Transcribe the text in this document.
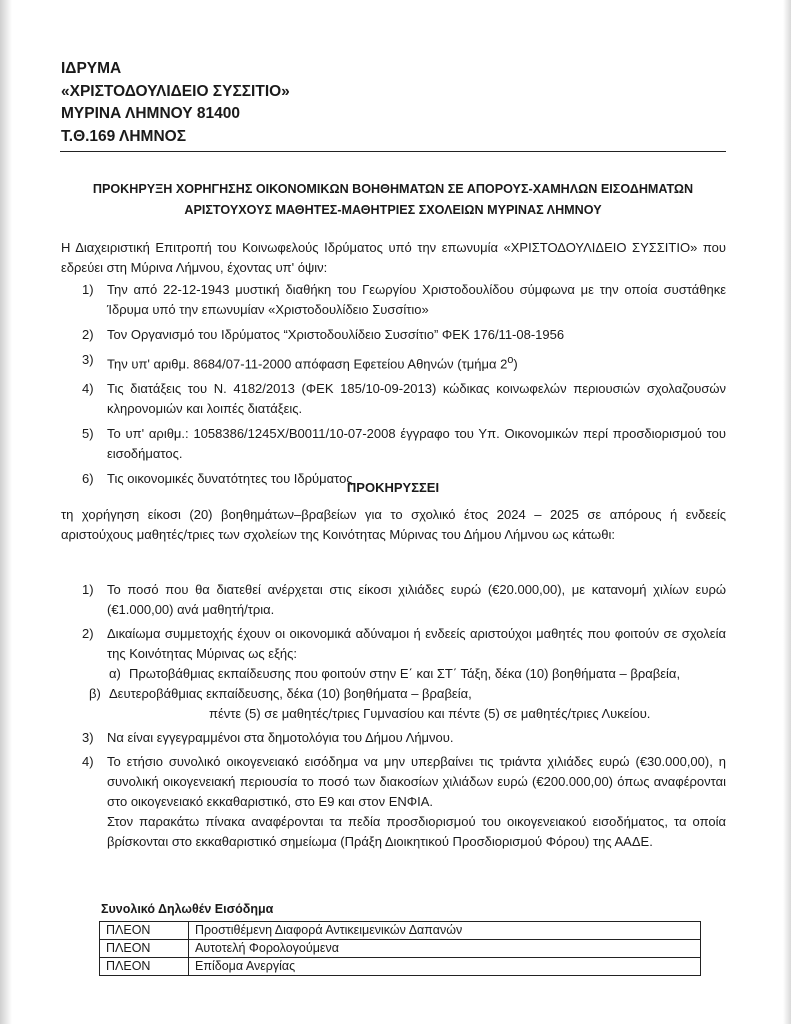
ΙΔΡΥΜΑ
«ΧΡΙΣΤΟΔΟΥΛΙΔΕΙΟ ΣΥΣΣΙΤΙΟ»
ΜΥΡΙΝΑ ΛΗΜΝΟΥ 81400
Τ.Θ.169 ΛΗΜΝΟΣ
ΠΡΟΚΗΡΥΞΗ ΧΟΡΗΓΗΣΗΣ ΟΙΚΟΝΟΜΙΚΩΝ ΒΟΗΘΗΜΑΤΩΝ ΣΕ ΑΠΟΡΟΥΣ-ΧΑΜΗΛΩΝ ΕΙΣΟΔΗΜΑΤΩΝ
ΑΡΙΣΤΟΥΧΟΥΣ ΜΑΘΗΤΕΣ-ΜΑΘΗΤΡΙΕΣ ΣΧΟΛΕΙΩΝ ΜΥΡΙΝΑΣ ΛΗΜΝΟΥ
Η Διαχειριστική Επιτροπή του Κοινωφελούς Ιδρύματος υπό την επωνυμία «ΧΡΙΣΤΟΔΟΥΛΙΔΕΙΟ ΣΥΣΣΙΤΙΟ» που εδρεύει στη Μύρινα Λήμνου, έχοντας υπ' όψιν:
1) Την από 22-12-1943 μυστική διαθήκη του Γεωργίου Χριστοδουλίδου σύμφωνα με την οποία συστάθηκε Ίδρυμα υπό την επωνυμίαν «Χριστοδουλίδειο Συσσίτιο»
2) Τον Οργανισμό του Ιδρύματος “Χριστοδουλίδειο Συσσίτιο” ΦΕΚ 176/11-08-1956
3) Την υπ' αριθμ. 8684/07-11-2000 απόφαση Εφετείου Αθηνών (τμήμα $2^o$)
4) Τις διατάξεις του Ν. 4182/2013 (ΦΕΚ 185/10-09-2013) κώδικας κοινωφελών περιουσιών σχολαζουσών κληρονομιών και λοιπές διατάξεις.
5) Το υπ' αριθμ.: 1058386/1245Χ/Β0011/10-07-2008 έγγραφο του Υπ. Οικονομικών περί προσδιορισμού του εισοδήματος.
6) Τις οικονομικές δυνατότητες του Ιδρύματος
ΠΡΟΚΗΡΥΣΣΕΙ
τη χορήγηση είκοσι (20) βοηθημάτων–βραβείων για το σχολικό έτος 2024 – 2025 σε απόρους ή ενδεείς αριστούχους μαθητές/τριες των σχολείων της Κοινότητας Μύρινας του Δήμου Λήμνου ως κάτωθι:
1) Το ποσό που θα διατεθεί ανέρχεται στις είκοσι χιλιάδες ευρώ (€20.000,00), με κατανομή χιλίων ευρώ (€1.000,00) ανά μαθητή/τρια.
2) Δικαίωμα συμμετοχής έχουν οι οικονομικά αδύναμοι ή ενδεείς αριστούχοι μαθητές που φοιτούν σε σχολεία της Κοινότητας Μύρινας ως εξής:
α) Πρωτοβάθμιας εκπαίδευσης που φοιτούν στην Ε΄ και ΣΤ΄ Τάξη, δέκα (10) βοηθήματα – βραβεία,
β) Δευτεροβάθμιας εκπαίδευσης, δέκα (10) βοηθήματα – βραβεία,
πέντε (5) σε μαθητές/τριες Γυμνασίου και πέντε (5) σε μαθητές/τριες Λυκείου.
3) Να είναι εγγεγραμμένοι στα δημοτολόγια του Δήμου Λήμνου.
4) Το ετήσιο συνολικό οικογενειακό εισόδημα να μην υπερβαίνει τις τριάντα χιλιάδες ευρώ (€30.000,00), η συνολική οικογενειακή περιουσία το ποσό των διακοσίων χιλιάδων ευρώ (€200.000,00) όπως αναφέρονται στο οικογενειακό εκκαθαριστικό, στο Ε9 και στον ΕΝΦΙΑ.
Στον παρακάτω πίνακα αναφέρονται τα πεδία προσδιορισμού του οικογενειακού εισοδήματος, τα οποία βρίσκονται στο εκκαθαριστικό σημείωμα (Πράξη Διοικητικού Προσδιορισμού Φόρου) της ΑΑΔΕ.
Συνολικό Δηλωθέν Εισόδημα
ΠΛΕΟΝ	Προστιθέμενη Διαφορά Αντικειμενικών Δαπανών
ΠΛΕΟΝ	Αυτοτελή Φορολογούμενα
ΠΛΕΟΝ	Επίδομα Ανεργίας
